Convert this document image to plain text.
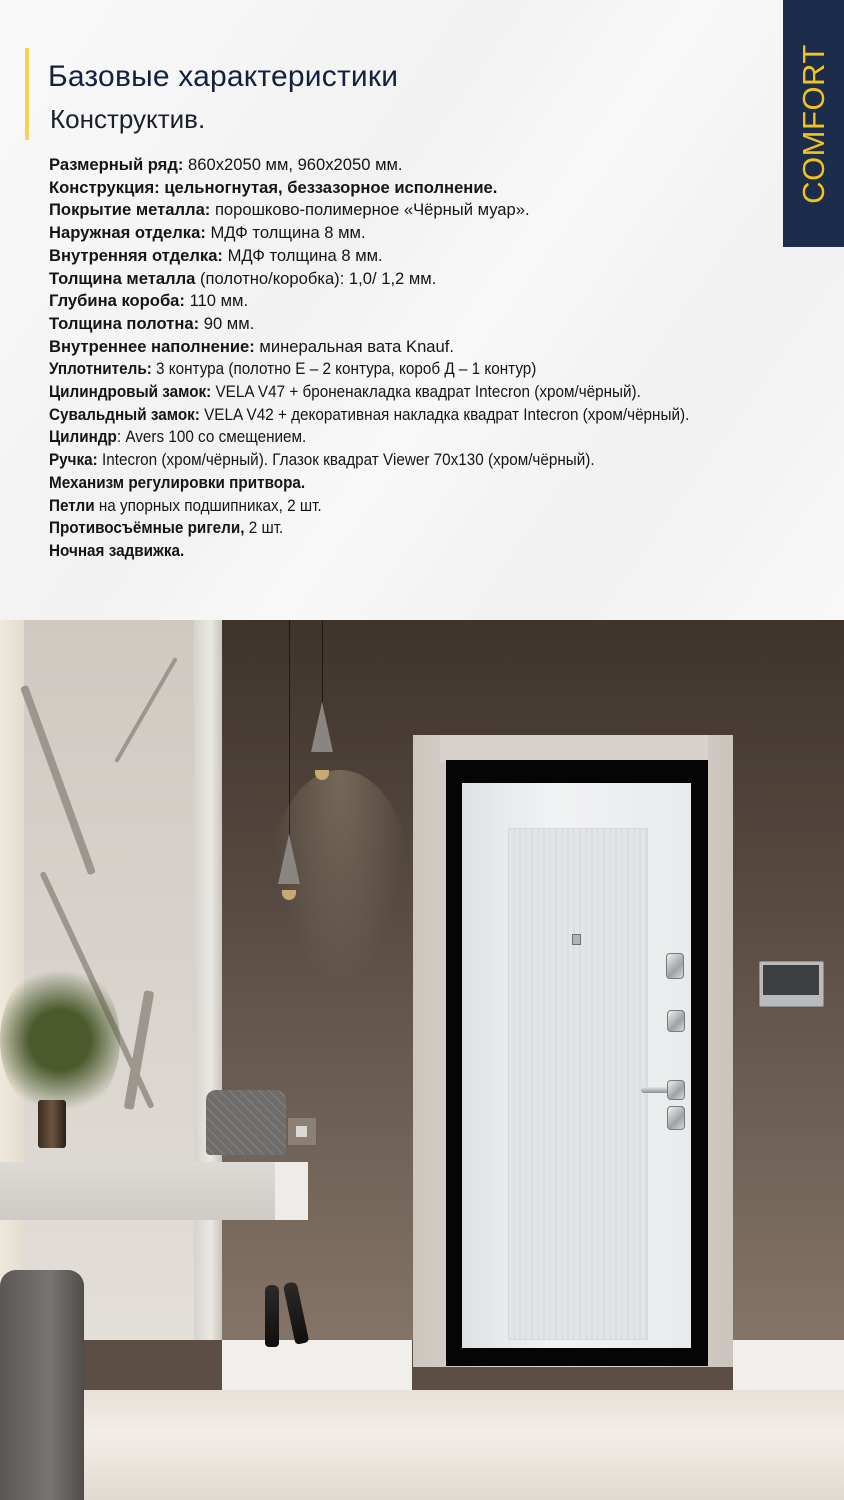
Базовые характеристики
Конструктив.	COMFORT
Размерный ряд: 860x2050 мм, 960x2050 мм.
Конструкция: цельногнутая, беззазорное исполнение.
Покрытие металла: порошково-полимерное «Чёрный муар».
Наружная отделка: МДФ толщина 8 мм.
Внутренняя отделка: МДФ толщина 8 мм.
Толщина металла (полотно/коробка): 1,0/ 1,2 мм.
Глубина короба: 110 мм.
Толщина полотна: 90 мм.
Внутреннее наполнение: минеральная вата Knauf.
Уплотнитель: 3 контура (полотно Е – 2 контура, короб Д – 1 контур)
Цилиндровый замок: VELA V47 + броненакладка квадрат Intecron (хром/чёрный).
Сувальдный замок: VELA V42 + декоративная накладка квадрат Intecron (хром/чёрный).
Цилиндр: Avers 100 со смещением.
Ручка: Intecron (хром/чёрный). Глазок квадрат Viewer 70x130 (хром/чёрный).
Механизм регулировки притвора.
Петли на упорных подшипниках, 2 шт.
Противосъёмные ригели, 2 шт.
Ночная задвижка.
